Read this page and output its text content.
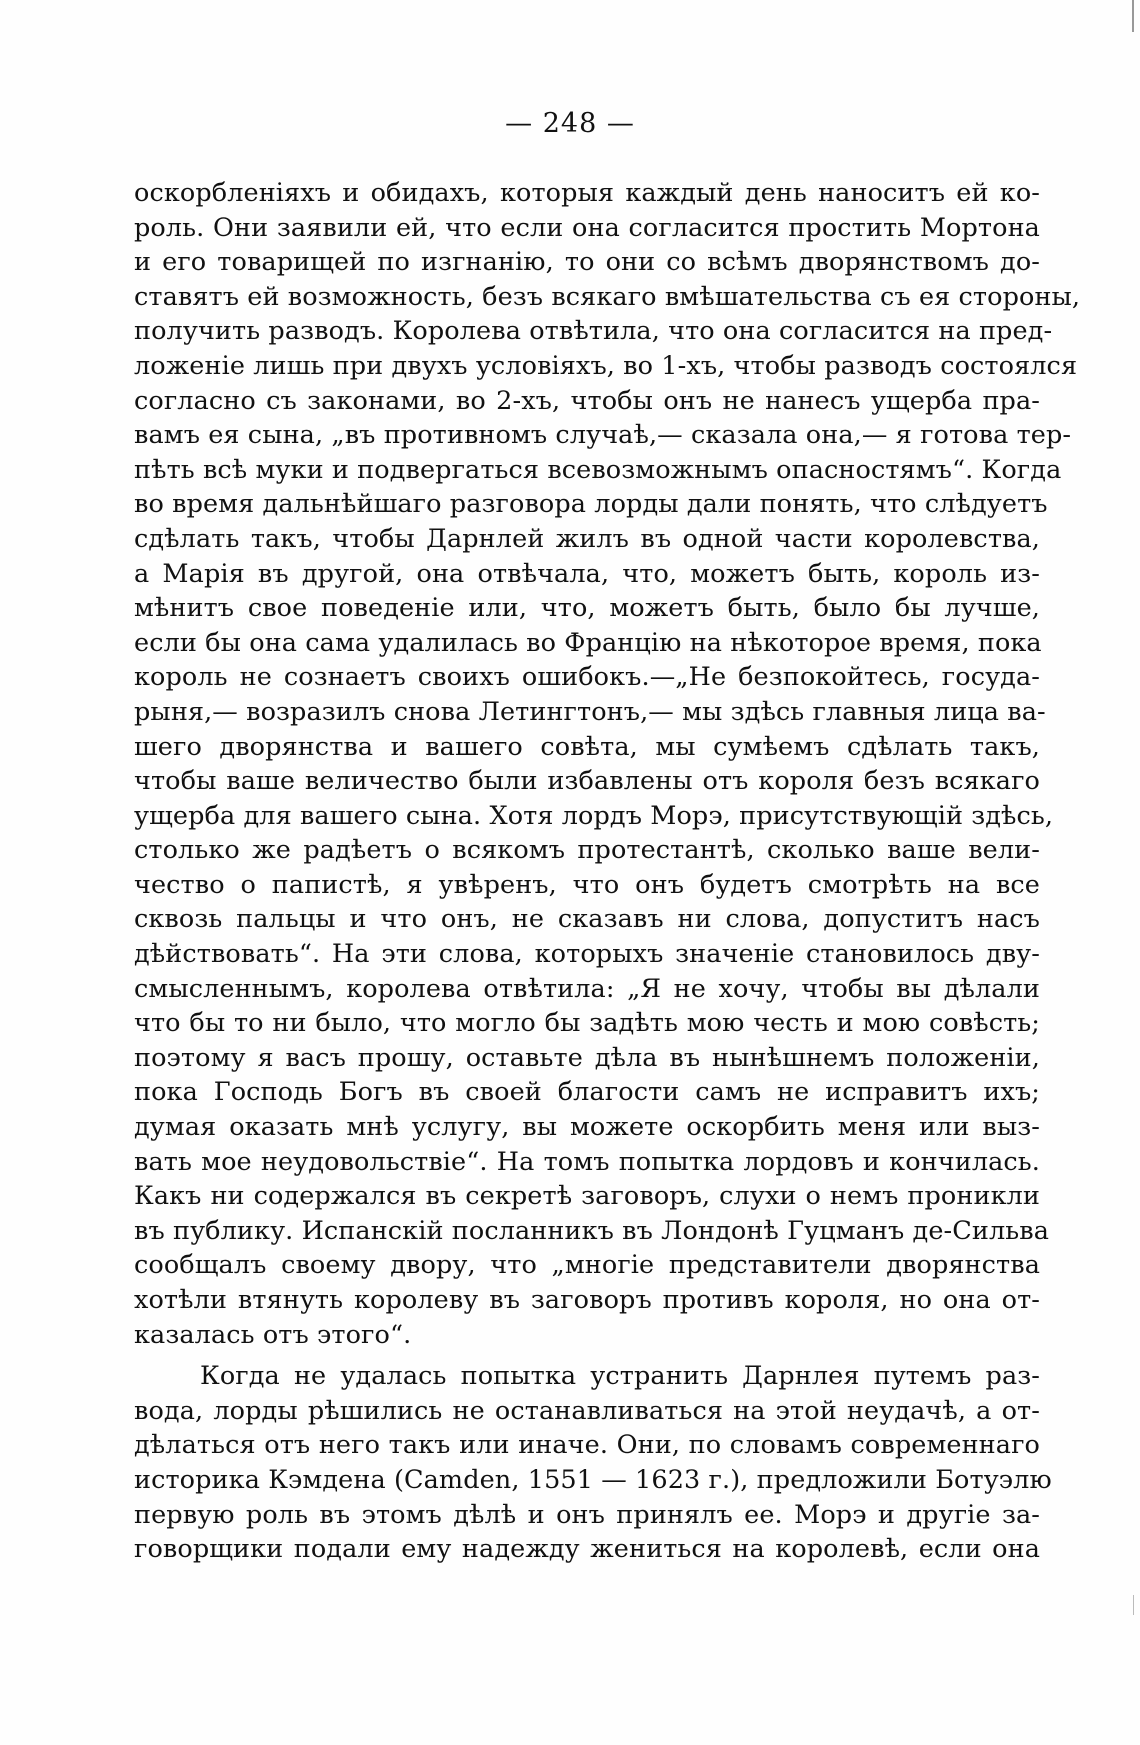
— 248 —
оскорбленіяхъ и обидахъ, которыя каждый день наноситъ ей ко-
роль. Они заявили ей, что если она согласится простить Мортона
и его товарищей по изгнанію, то они со всѣмъ дворянствомъ до-
ставятъ ей возможность, безъ всякаго вмѣшательства съ ея стороны,
получить разводъ. Королева отвѣтила, что она согласится на пред-
ложеніе лишь при двухъ условіяхъ, во 1-хъ, чтобы разводъ состоялся
согласно съ законами, во 2-хъ, чтобы онъ не нанесъ ущерба пра-
вамъ ея сына, „въ противномъ случаѣ,— сказала она,— я готова тер-
пѣть всѣ муки и подвергаться всевозможнымъ опасностямъ“. Когда
во время дальнѣйшаго разговора лорды дали понять, что слѣдуетъ
сдѣлать такъ, чтобы Дарнлей жилъ въ одной части королевства,
а Марія въ другой, она отвѣчала, что, можетъ быть, король из-
мѣнитъ свое поведеніе или, что, можетъ быть, было бы лучше,
если бы она сама удалилась во Францію на нѣкоторое время, пока
король не сознаетъ своихъ ошибокъ.—„Не безпокойтесь, госуда-
рыня,— возразилъ снова Летингтонъ,— мы здѣсь главныя лица ва-
шего дворянства и вашего совѣта, мы сумѣемъ сдѣлать такъ,
чтобы ваше величество были избавлены отъ короля безъ всякаго
ущерба для вашего сына. Хотя лордъ Морэ, присутствующій здѣсь,
столько же радѣетъ о всякомъ протестантѣ, сколько ваше вели-
чество о папистѣ, я увѣренъ, что онъ будетъ смотрѣть на все
сквозь пальцы и что онъ, не сказавъ ни слова, допуститъ насъ
дѣйствовать“. На эти слова, которыхъ значеніе становилось дву-
смысленнымъ, королева отвѣтила: „Я не хочу, чтобы вы дѣлали
что бы то ни было, что могло бы задѣть мою честь и мою совѣсть;
поэтому я васъ прошу, оставьте дѣла въ нынѣшнемъ положеніи,
пока Господь Богъ въ своей благости самъ не исправитъ ихъ;
думая оказать мнѣ услугу, вы можете оскорбить меня или выз-
вать мое неудовольствіе“. На томъ попытка лордовъ и кончилась.
Какъ ни содержался въ секретѣ заговоръ, слухи о немъ проникли
въ публику. Испанскій посланникъ въ Лондонѣ Гуцманъ де-Сильва
сообщалъ своему двору, что „многіе представители дворянства
хотѣли втянуть королеву въ заговоръ противъ короля, но она от-
казалась отъ этого“.
Когда не удалась попытка устранить Дарнлея путемъ раз-
вода, лорды рѣшились не останавливаться на этой неудачѣ, а от-
дѣлаться отъ него такъ или иначе. Они, по словамъ современнаго
историка Кэмдена (Camden, 1551 — 1623 г.), предложили Ботуэлю
первую роль въ этомъ дѣлѣ и онъ принялъ ее. Морэ и другіе за-
говорщики подали ему надежду жениться на королевѣ, если она
